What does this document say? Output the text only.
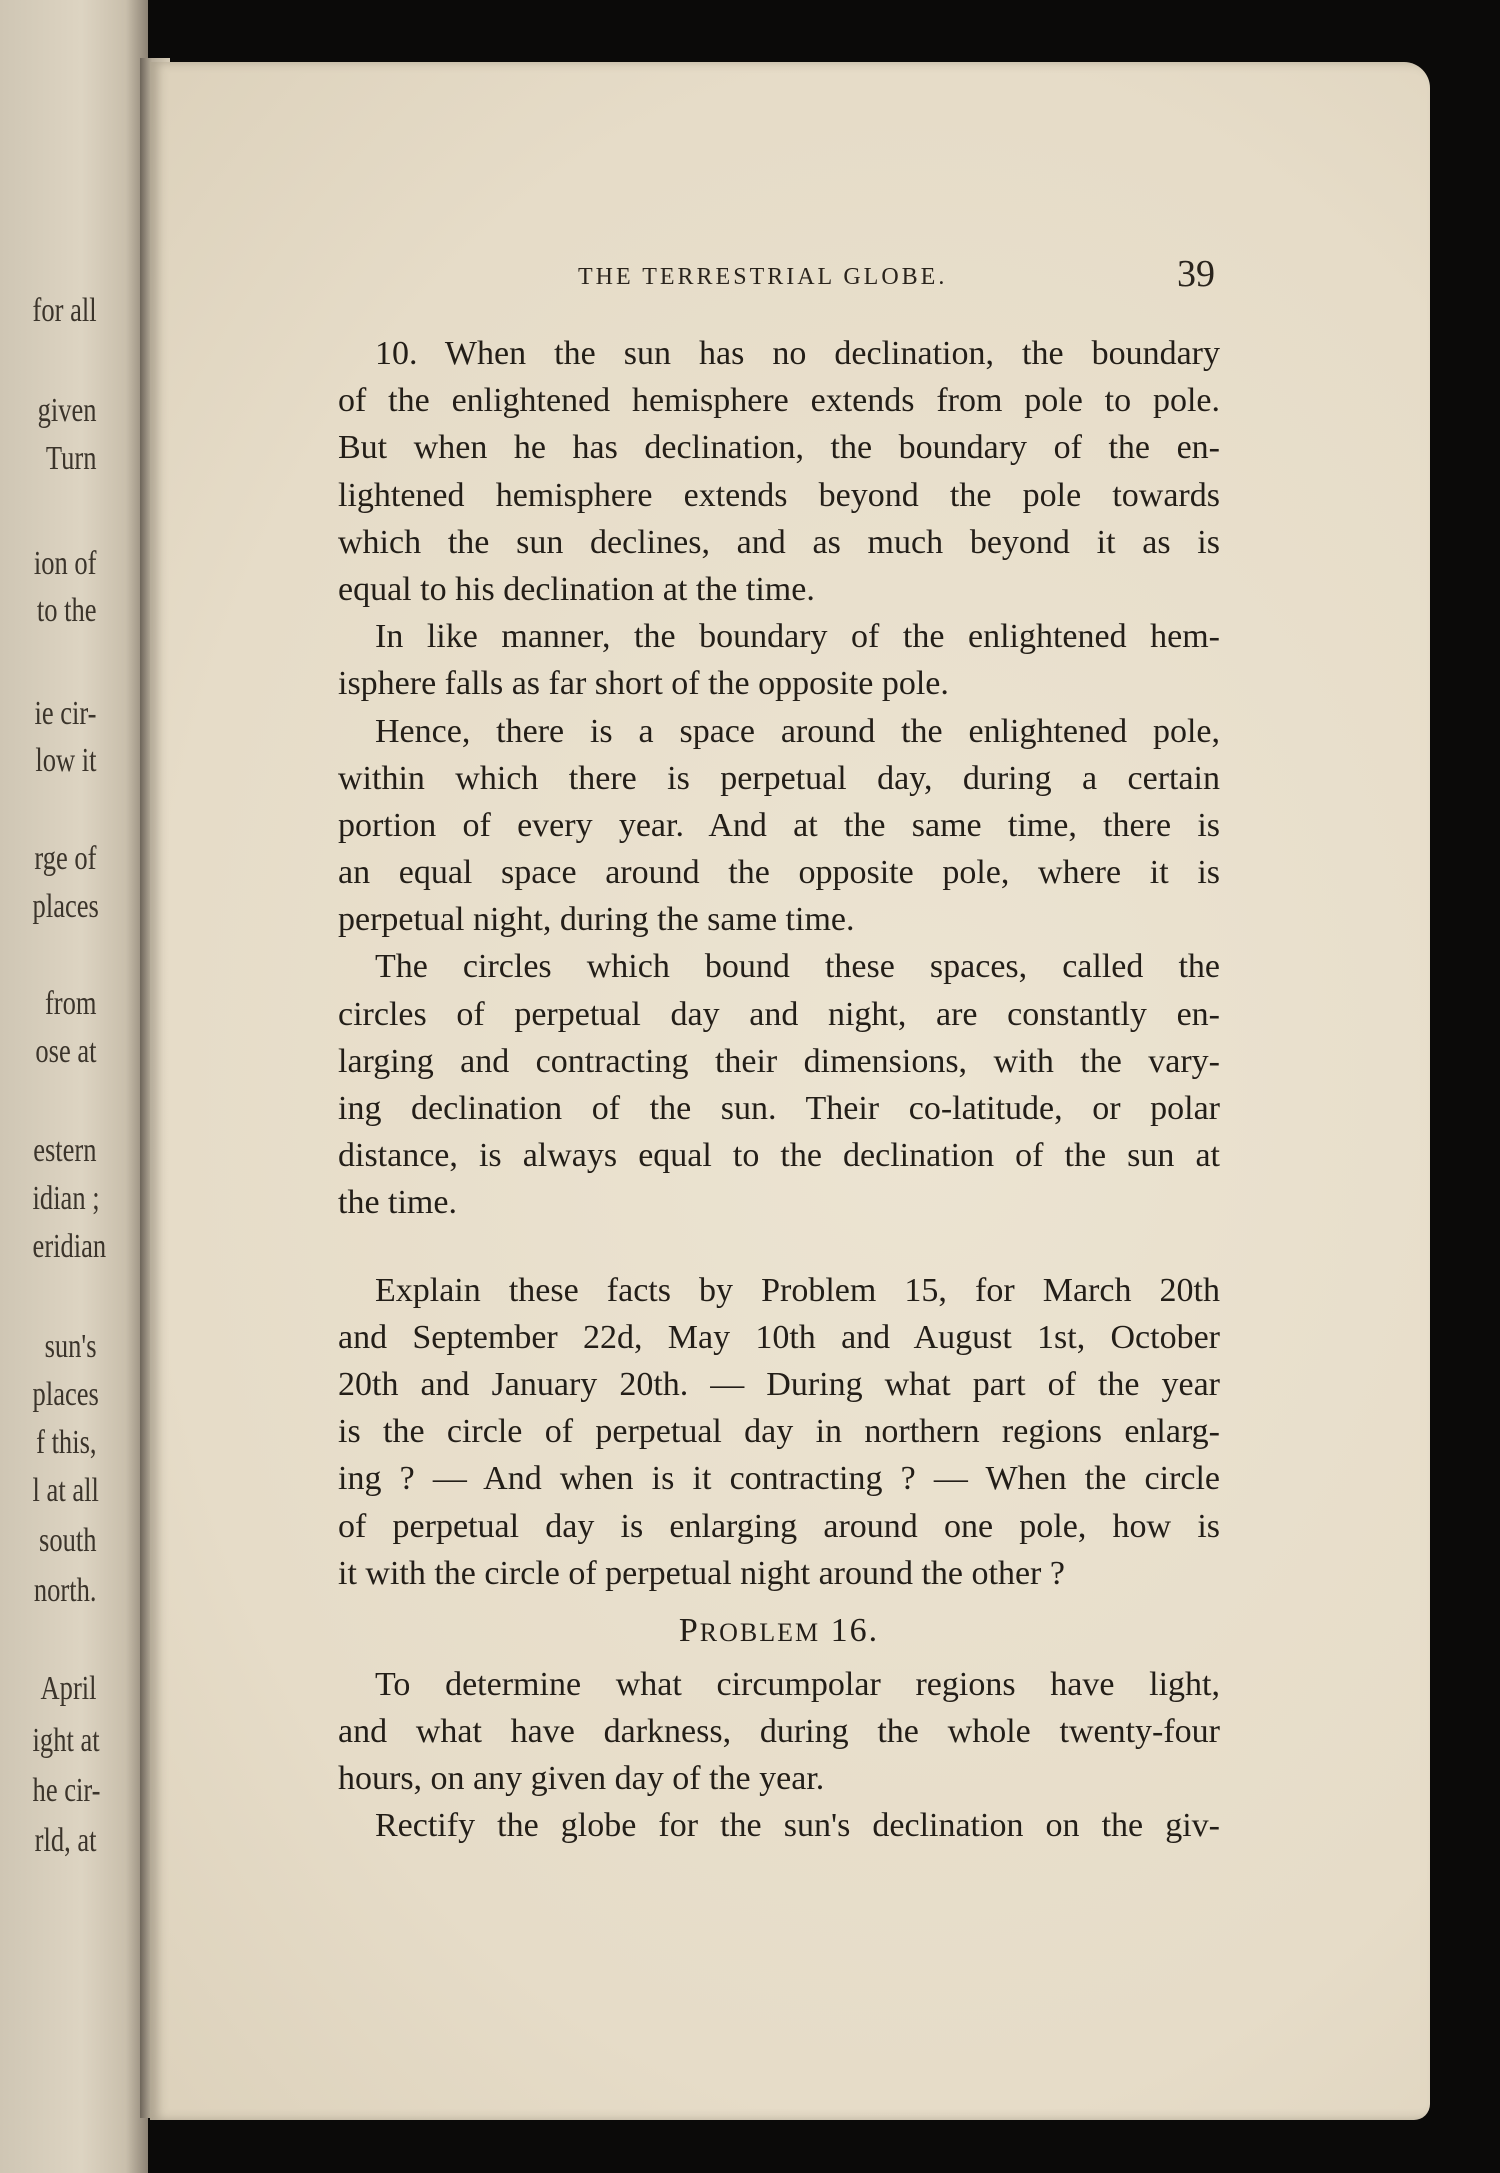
for all
given
Turn
ion of
to the
ie cir-
low it
rge of
places
from
ose at
estern
idian ;
eridian
sun's
places
f this,
l at all
south
north.
April
ight at
he cir-
rld, at
THE TERRESTRIAL GLOBE.	39
10. When the sun has no declination, the boundary
of the enlightened hemisphere extends from pole to pole.
But when he has declination, the boundary of the en-
lightened hemisphere extends beyond the pole towards
which the sun declines, and as much beyond it as is
equal to his declination at the time.
In like manner, the boundary of the enlightened hem-
isphere falls as far short of the opposite pole.
Hence, there is a space around the enlightened pole,
within which there is perpetual day, during a certain
portion of every year. And at the same time, there is
an equal space around the opposite pole, where it is
perpetual night, during the same time.
The circles which bound these spaces, called the
circles of perpetual day and night, are constantly en-
larging and contracting their dimensions, with the vary-
ing declination of the sun. Their co-latitude, or polar
distance, is always equal to the declination of the sun at
the time.
Explain these facts by Problem 15, for March 20th
and September 22d, May 10th and August 1st, October
20th and January 20th. — During what part of the year
is the circle of perpetual day in northern regions enlarg-
ing ? — And when is it contracting ? — When the circle
of perpetual day is enlarging around one pole, how is
it with the circle of perpetual night around the other ?
PROBLEM 16.
To determine what circumpolar regions have light,
and what have darkness, during the whole twenty-four
hours, on any given day of the year.
Rectify the globe for the sun's declination on the giv-
